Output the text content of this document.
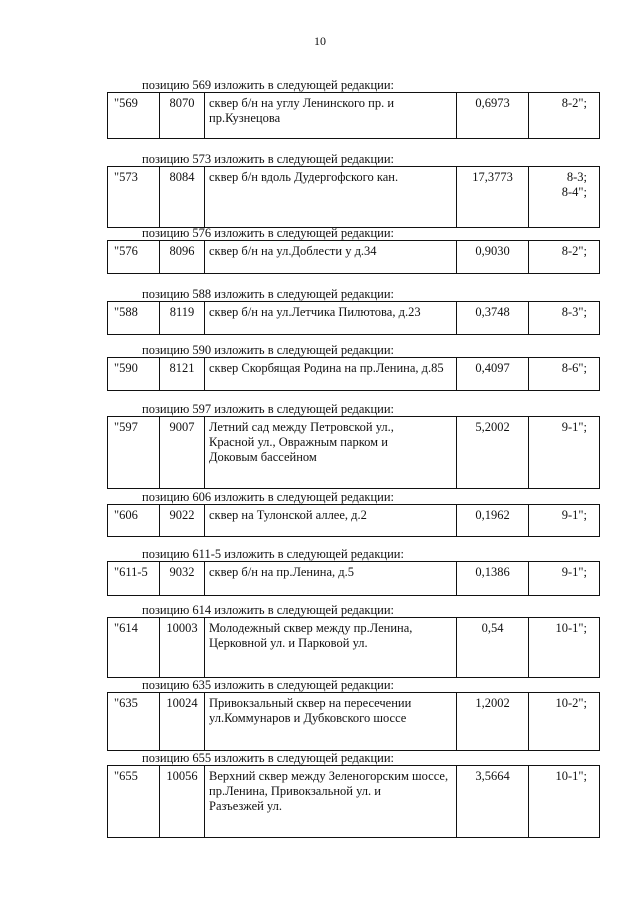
10
позицию 569 изложить в следующей редакции:
"569	8070	сквер б/н на углу Ленинского пр. и
пр.Кузнецова
0,6973	8-2";
позицию 573 изложить в следующей редакции:
"573	8084	сквер б/н вдоль Дудергофского кан.	17,3773	8-3;
8-4";
позицию 576 изложить в следующей редакции:
"576	8096	сквер б/н на ул.Доблести у д.34	0,9030	8-2";
позицию 588 изложить в следующей редакции:
"588	8119	сквер б/н на ул.Летчика Пилютова, д.23	0,3748	8-3";
позицию 590 изложить в следующей редакции:
"590	8121	сквер Скорбящая Родина на пр.Ленина, д.85	0,4097	8-6";
позицию 597 изложить в следующей редакции:
"597	9007	Летний сад между Петровской ул.,
Красной ул., Овражным парком и
Доковым бассейном
5,2002	9-1";
позицию 606 изложить в следующей редакции:
"606	9022	сквер на Тулонской аллее, д.2	0,1962	9-1";
позицию 611-5 изложить в следующей редакции:
"611-5	9032	сквер б/н на пр.Ленина, д.5	0,1386	9-1";
позицию 614 изложить в следующей редакции:
"614	10003 Молодежный сквер между пр.Ленина,
Церковной ул. и Парковой ул.
0,54	10-1";
позицию 635 изложить в следующей редакции:
"635	10024 Привокзальный сквер на пересечении
ул.Коммунаров и Дубковского шоссе
1,2002	10-2";
позицию 655 изложить в следующей редакции:
"655	10056 Верхний сквер между Зеленогорским шоссе,
пр.Ленина, Привокзальной ул. и
Разъезжей ул.
3,5664	10-1";
